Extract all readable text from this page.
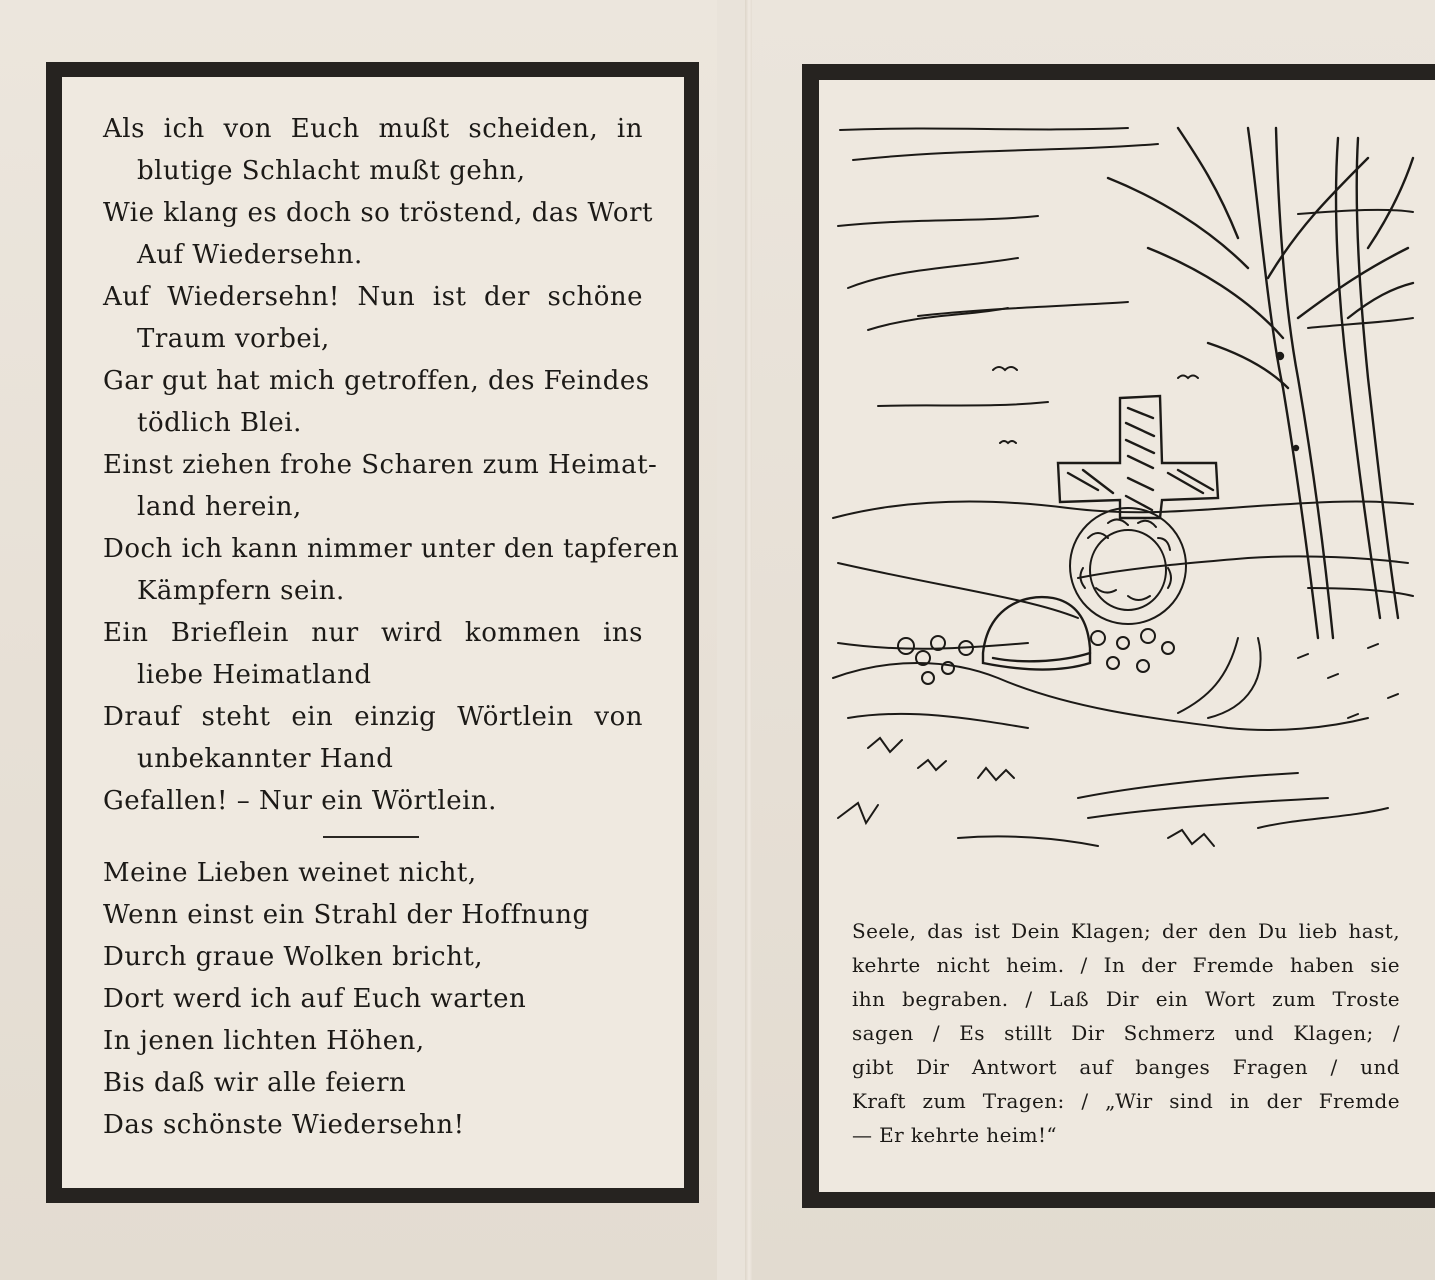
Als ich von Euch mußt scheiden, in
blutige Schlacht mußt gehn,
Wie klang es doch so tröstend, das Wort
Auf Wiedersehn.
Auf Wiedersehn! Nun ist der schöne
Traum vorbei,
Gar gut hat mich getroffen, des Feindes
tödlich Blei.
Einst ziehen frohe Scharen zum Heimat-
land herein,
Doch ich kann nimmer unter den tapferen
Kämpfern sein.
Ein Brieflein nur wird kommen ins
liebe Heimatland
Drauf steht ein einzig Wörtlein von
unbekannter Hand
Gefallen! – Nur ein Wörtlein.
Meine Lieben weinet nicht,
Wenn einst ein Strahl der Hoffnung
Durch graue Wolken bricht,
Dort werd ich auf Euch warten
In jenen lichten Höhen,
Bis daß wir alle feiern
Das schönste Wiedersehn!
Seele, das ist Dein Klagen; der den Du lieb hast,
kehrte nicht heim. / In der Fremde haben sie
ihn begraben. / Laß Dir ein Wort zum Troste
sagen / Es stillt Dir Schmerz und Klagen; /
gibt Dir Antwort auf banges Fragen / und
Kraft zum Tragen: / „Wir sind in der Fremde
— Er kehrte heim!“
